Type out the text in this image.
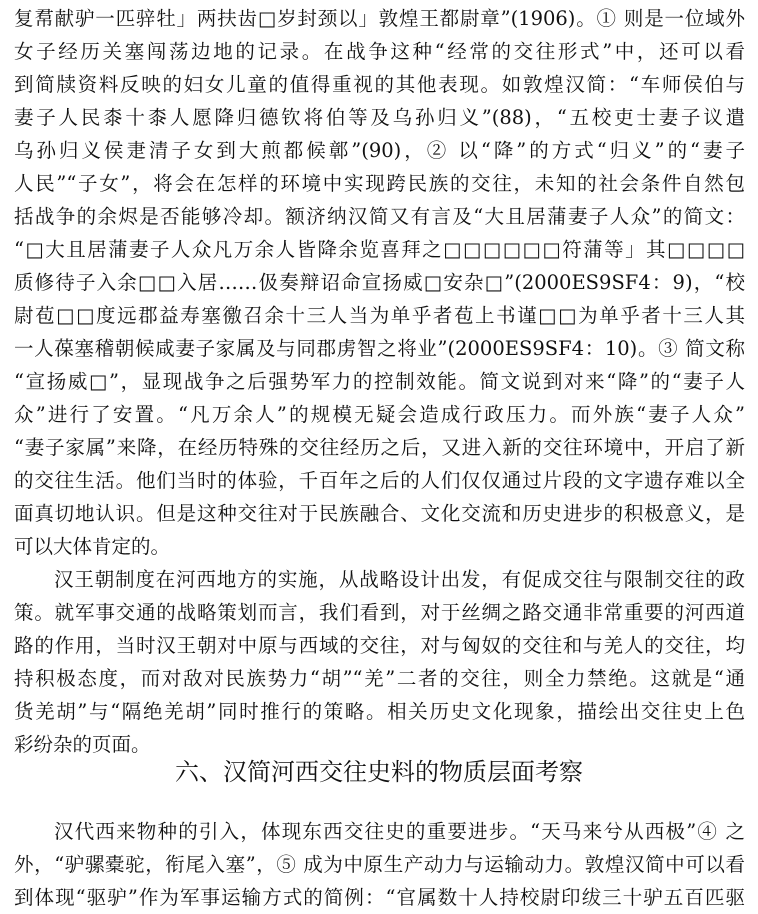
复帬献驴一匹骍牡」两扶齿□岁封颈以」敦煌王都尉章”(1906)。① 则是一位域外
女子经历关塞闯荡边地的记录。在战争这种“经常的交往形式”中，还可以看
到简牍资料反映的妇女儿童的值得重视的其他表现。如敦煌汉简：“车师侯伯与
妻子人民桼十桼人愿降归德钦将伯等及乌孙归义”(88)，“五校吏士妻子议遣
乌孙归义侯疌清子女到大煎都候鄣”(90)，② 以“降”的方式“归义”的“妻子
人民”“子女”，将会在怎样的环境中实现跨民族的交往，未知的社会条件自然包
括战争的余烬是否能够冷却。额济纳汉简又有言及“大且居蒲妻子人众”的简文：
“□大且居蒲妻子人众凡万余人皆降余览喜拜之□□□□□□符蒲等」其□□□□
质修待子入余□□入居……伋奏辩诏命宣扬威□安杂□”(2000ES9SF4：9)，“校
尉苞□□度远郡益寿塞徼召余十三人当为单乎者苞上书谨□□为单乎者十三人其
一人葆塞稽朝候咸妻子家属及与同郡虏智之将业”(2000ES9SF4：10)。③ 简文称
“宣扬威□”，显现战争之后强势军力的控制效能。简文说到对来“降”的“妻子人
众”进行了安置。“凡万余人”的规模无疑会造成行政压力。而外族“妻子人众”
“妻子家属”来降，在经历特殊的交往经历之后，又进入新的交往环境中，开启了新
的交往生活。他们当时的体验，千百年之后的人们仅仅通过片段的文字遗存难以全
面真切地认识。但是这种交往对于民族融合、文化交流和历史进步的积极意义，是
可以大体肯定的。
汉王朝制度在河西地方的实施，从战略设计出发，有促成交往与限制交往的政
策。就军事交通的战略策划而言，我们看到，对于丝绸之路交通非常重要的河西道
路的作用，当时汉王朝对中原与西域的交往，对与匈奴的交往和与羌人的交往，均
持积极态度，而对敌对民族势力“胡”“羌”二者的交往，则全力禁绝。这就是“通
货羌胡”与“隔绝羌胡”同时推行的策略。相关历史文化现象，描绘出交往史上色
彩纷杂的页面。
六、汉简河西交往史料的物质层面考察
汉代西来物种的引入，体现东西交往史的重要进步。“天马来兮从西极”④ 之
外，“驴骡橐驼，衔尾入塞”，⑤ 成为中原生产动力与运输动力。敦煌汉简中可以看
到体现“驱驴”作为军事运输方式的简例：“官属数十人持校尉印绂三十驴五百匹驱
